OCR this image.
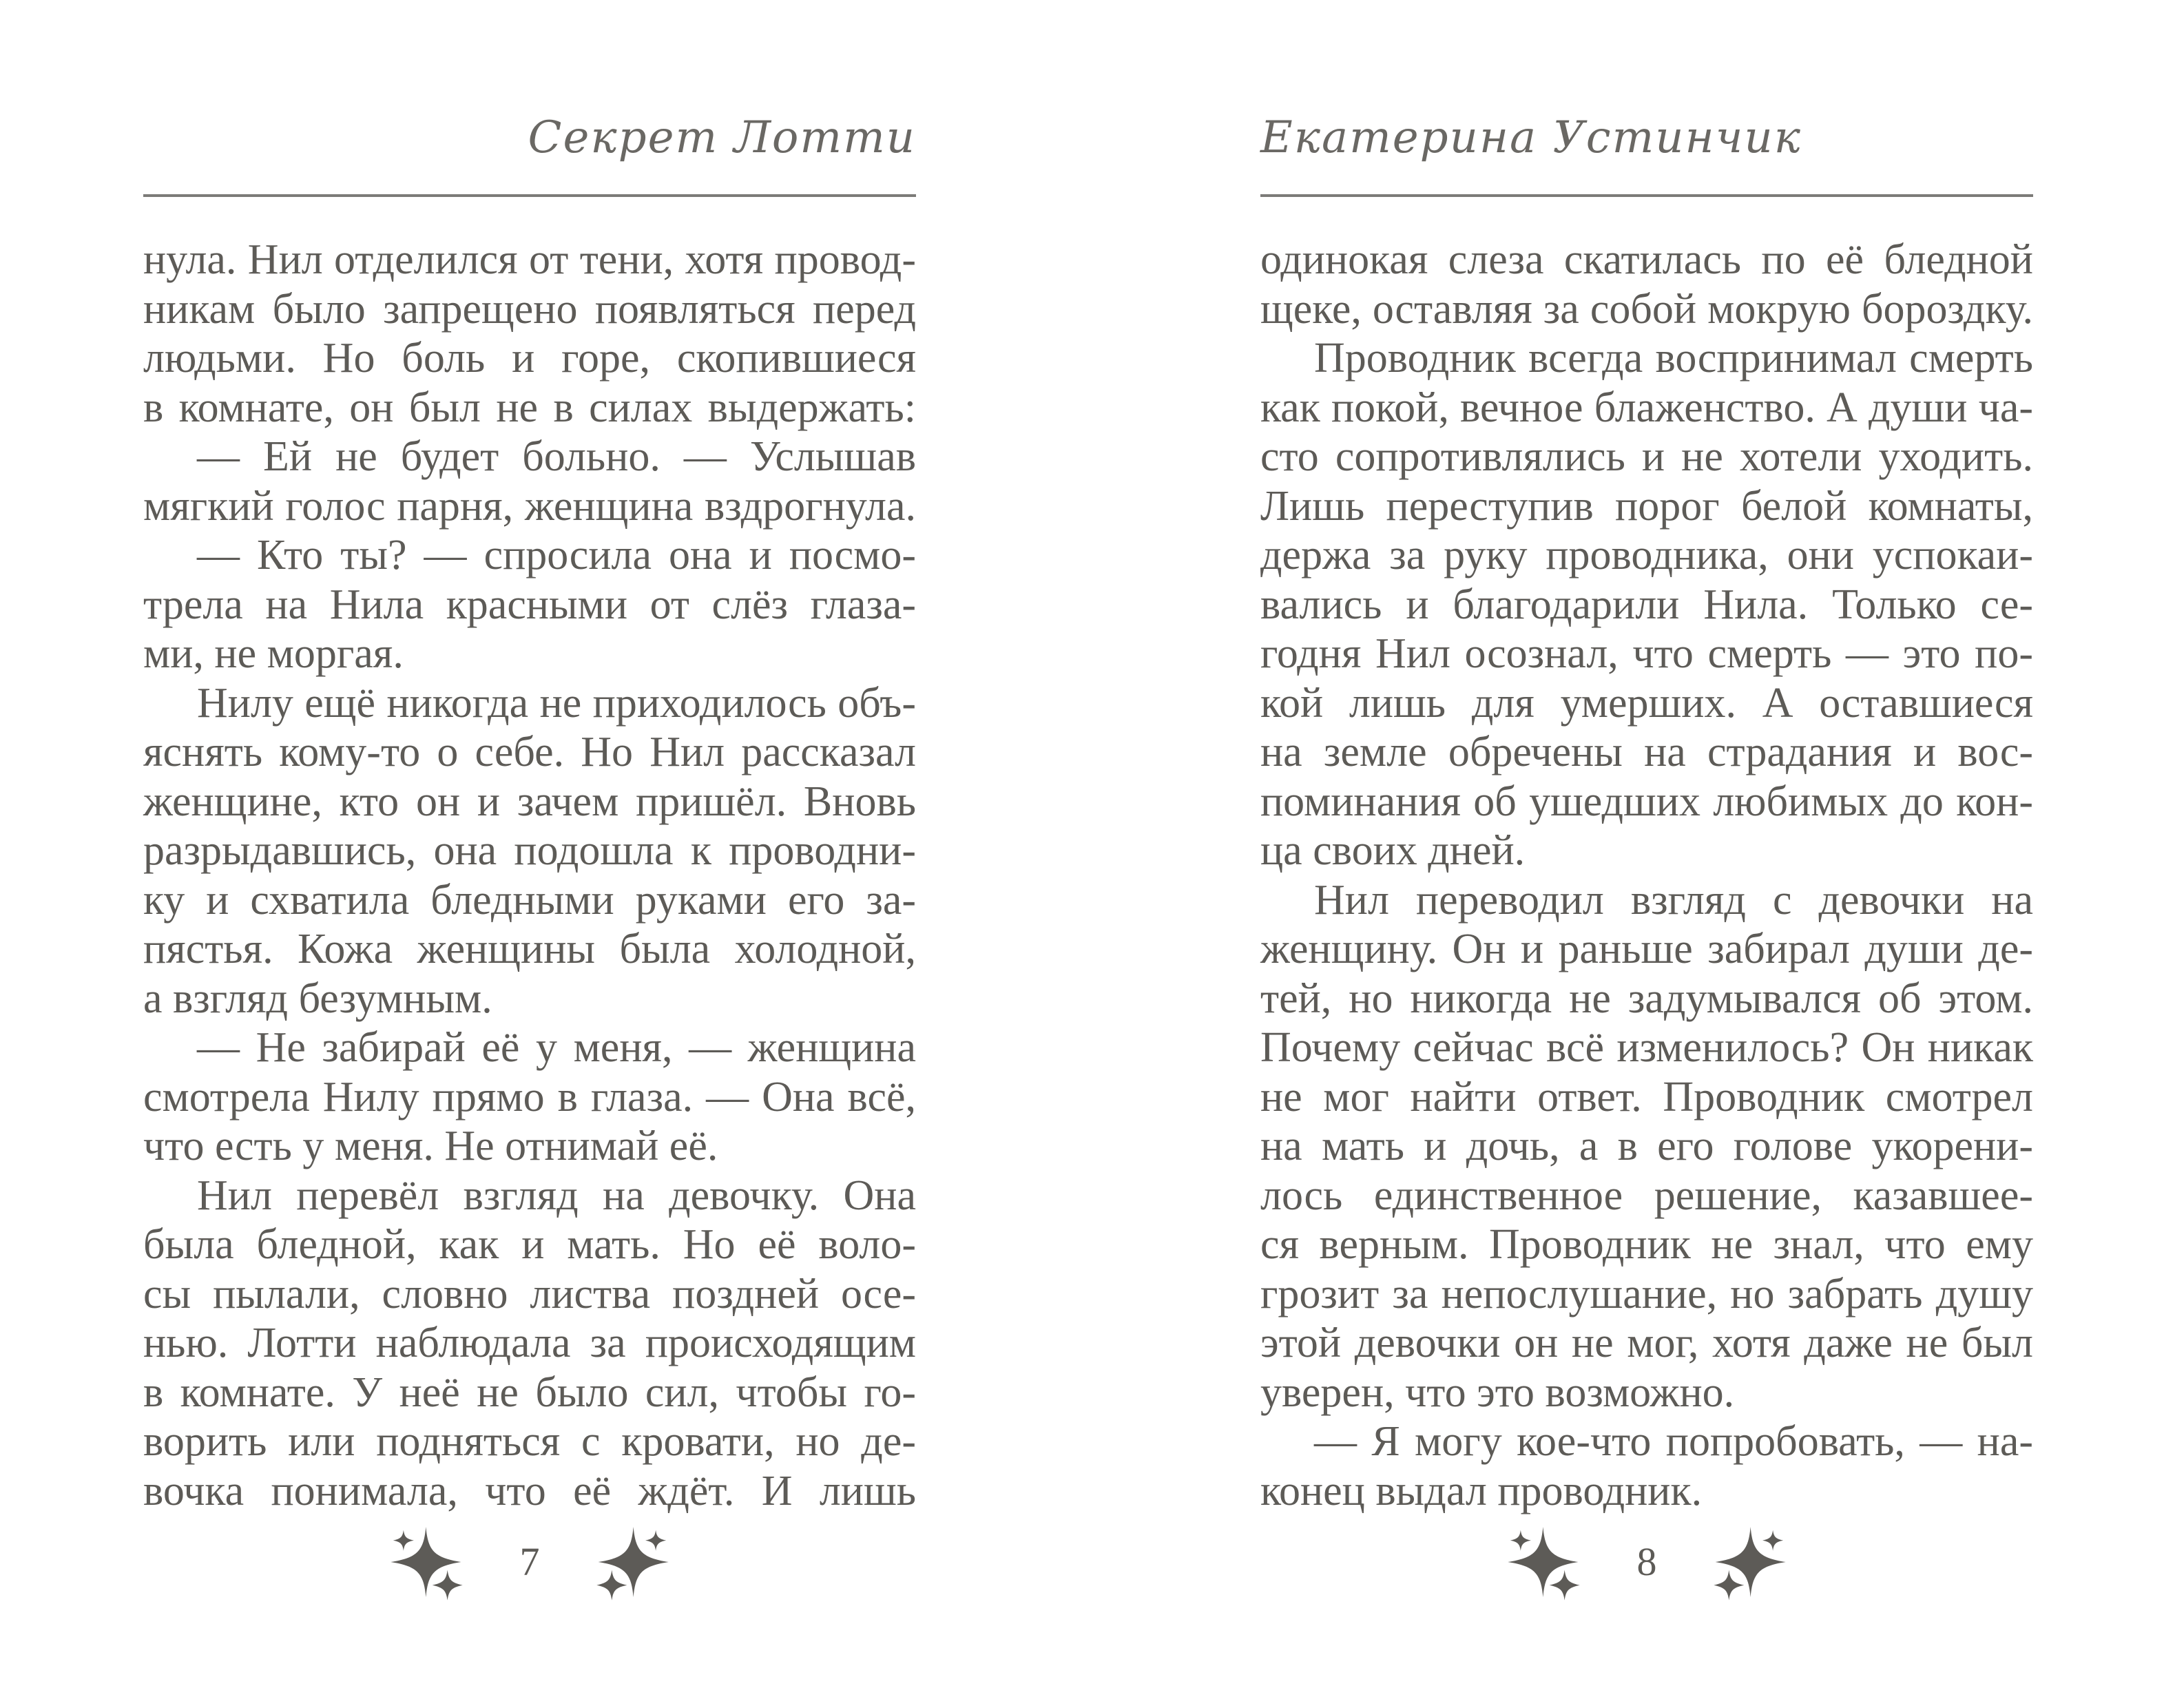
Секрет Лотти
нула. Нил отделился от тени, хотя провод-
никам было запрещено появляться перед
людьми. Но боль и горе, скопившиеся
в комнате, он был не в силах выдержать:
— Ей не будет больно. — Услышав
мягкий голос парня, женщина вздрогнула.
— Кто ты? — спросила она и посмо-
трела на Нила красными от слёз глаза-
ми, не моргая.
Нилу ещё никогда не приходилось объ-
яснять кому-то о себе. Но Нил рассказал
женщине, кто он и зачем пришёл. Вновь
разрыдавшись, она подошла к проводни-
ку и схватила бледными руками его за-
пястья. Кожа женщины была холодной,
а взгляд безумным.
— Не забирай её у меня, — женщина
смотрела Нилу прямо в глаза. — Она всё,
что есть у меня. Не отнимай её.
Нил перевёл взгляд на девочку. Она
была бледной, как и мать. Но её воло-
сы пылали, словно листва поздней осе-
нью. Лотти наблюдала за происходящим
в комнате. У неё не было сил, чтобы го-
ворить или подняться с кровати, но де-
вочка понимала, что её ждёт. И лишь
7
Екатерина Устинчик
одинокая слеза скатилась по её бледной
щеке, оставляя за собой мокрую бороздку.
Проводник всегда воспринимал смерть
как покой, вечное блаженство. А души ча-
сто сопротивлялись и не хотели уходить.
Лишь переступив порог белой комнаты,
держа за руку проводника, они успокаи-
вались и благодарили Нила. Только се-
годня Нил осознал, что смерть — это по-
кой лишь для умерших. А оставшиеся
на земле обречены на страдания и вос-
поминания об ушедших любимых до кон-
ца своих дней.
Нил переводил взгляд с девочки на
женщину. Он и раньше забирал души де-
тей, но никогда не задумывался об этом.
Почему сейчас всё изменилось? Он никак
не мог найти ответ. Проводник смотрел
на мать и дочь, а в его голове укорени-
лось единственное решение, казавшее-
ся верным. Проводник не знал, что ему
грозит за непослушание, но забрать душу
этой девочки он не мог, хотя даже не был
уверен, что это возможно.
— Я могу кое-что попробовать, — на-
конец выдал проводник.
8
